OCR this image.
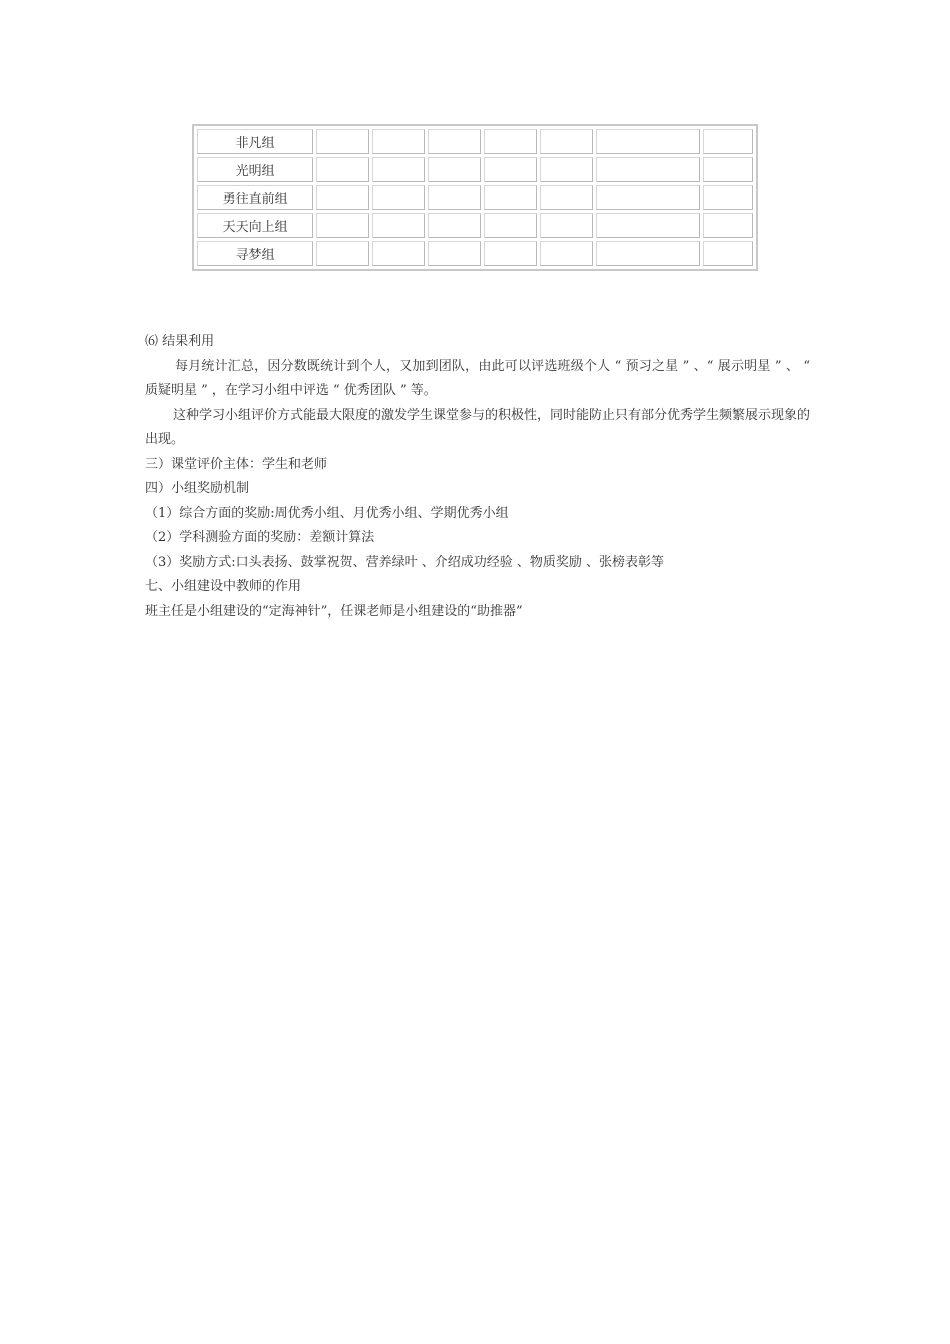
非凡组							
光明组							
勇往直前组							
天天向上组							
寻梦组							

⑹ 结果利用

每月统计汇总，因分数既统计到个人，又加到团队，由此可以评选班级个人 “ 预习之星 ” 、“ 展示明星 ” 、 “ 质疑明星 ” ，在学习小组中评选 “ 优秀团队 ” 等。

这种学习小组评价方式能最大限度的激发学生课堂参与的积极性，同时能防止只有部分优秀学生频繁展示现象的出现。

三）课堂评价主体：学生和老师

四）小组奖励机制

（1）综合方面的奖励:周优秀小组、月优秀小组、学期优秀小组

（2）学科测验方面的奖励：差额计算法

（3）奖励方式:口头表扬、鼓掌祝贺、营养绿叶 、介绍成功经验 、物质奖励 、张榜表彰等

七、小组建设中教师的作用

班主任是小组建设的“定海神针”，任课老师是小组建设的“助推器”
